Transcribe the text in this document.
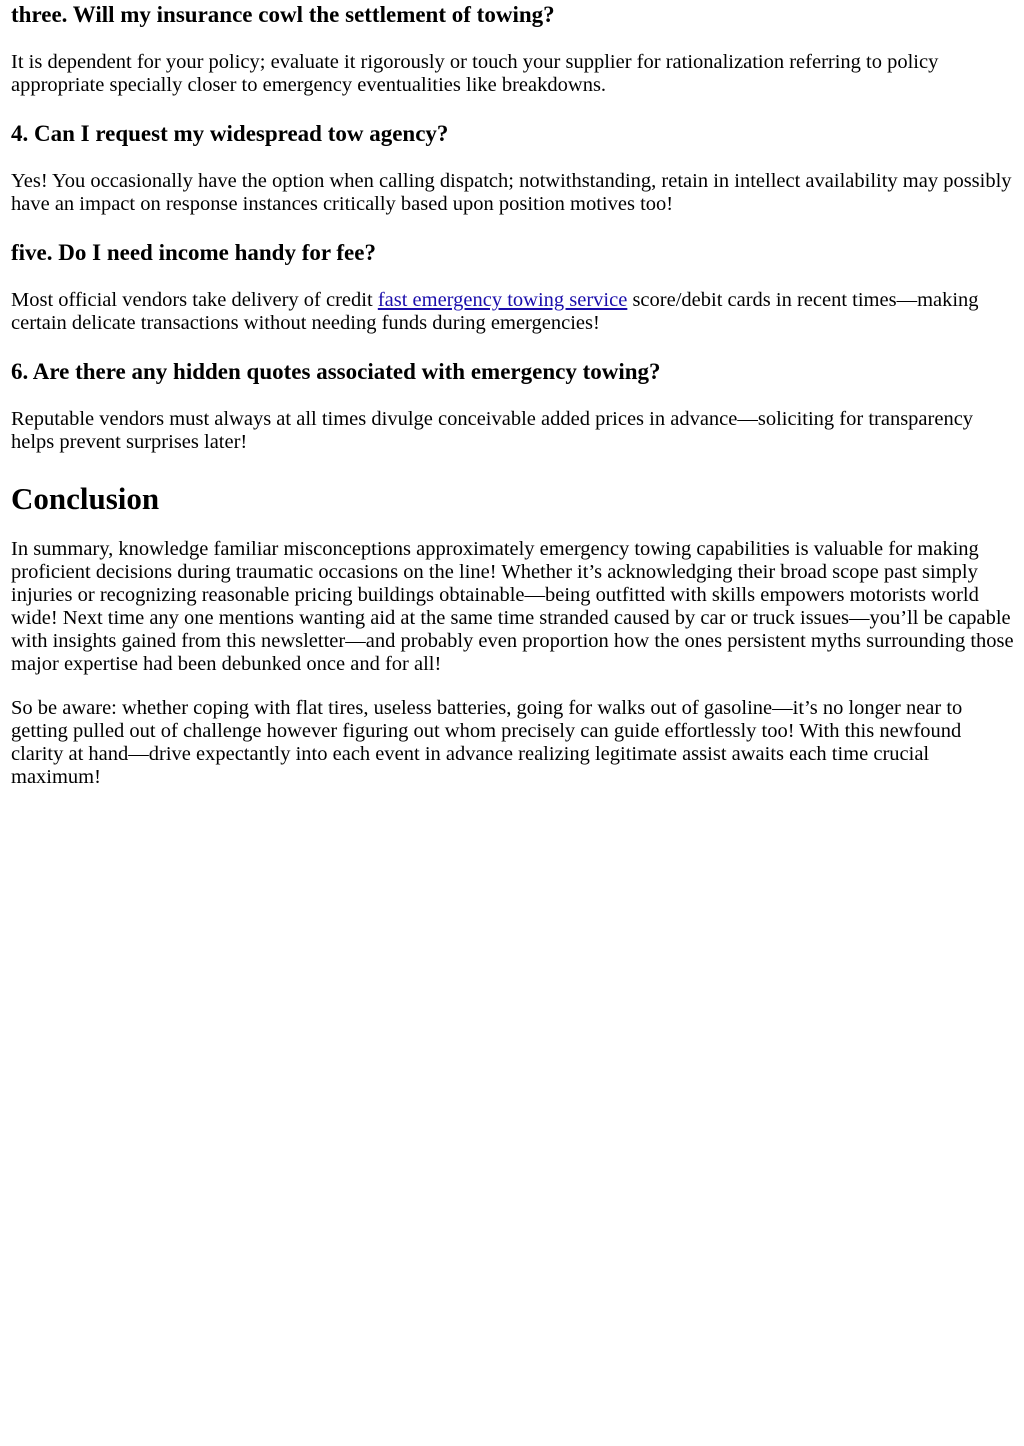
three. Will my insurance cowl the settlement of towing?

It is dependent for your policy; evaluate it rigorously or touch your supplier for rationalization referring to policy appropriate specially closer to emergency eventualities like breakdowns.

4. Can I request my widespread tow agency?

Yes! You occasionally have the option when calling dispatch; notwithstanding, retain in intellect availability may possibly have an impact on response instances critically based upon position motives too!

five. Do I need income handy for fee?

Most official vendors take delivery of credit fast emergency towing service score/debit cards in recent times—making certain delicate transactions without needing funds during emergencies!

6. Are there any hidden quotes associated with emergency towing?

Reputable vendors must always at all times divulge conceivable added prices in advance—soliciting for transparency helps prevent surprises later!

Conclusion

In summary, knowledge familiar misconceptions approximately emergency towing capabilities is valuable for making proficient decisions during traumatic occasions on the line! Whether it’s acknowledging their broad scope past simply injuries or recognizing reasonable pricing buildings obtainable—being outfitted with skills empowers motorists world wide! Next time any one mentions wanting aid at the same time stranded caused by car or truck issues—you’ll be capable with insights gained from this newsletter—and probably even proportion how the ones persistent myths surrounding those major expertise had been debunked once and for all!

So be aware: whether coping with flat tires, useless batteries, going for walks out of gasoline—it’s no longer near to getting pulled out of challenge however figuring out whom precisely can guide effortlessly too! With this newfound clarity at hand—drive expectantly into each event in advance realizing legitimate assist awaits each time crucial maximum!
